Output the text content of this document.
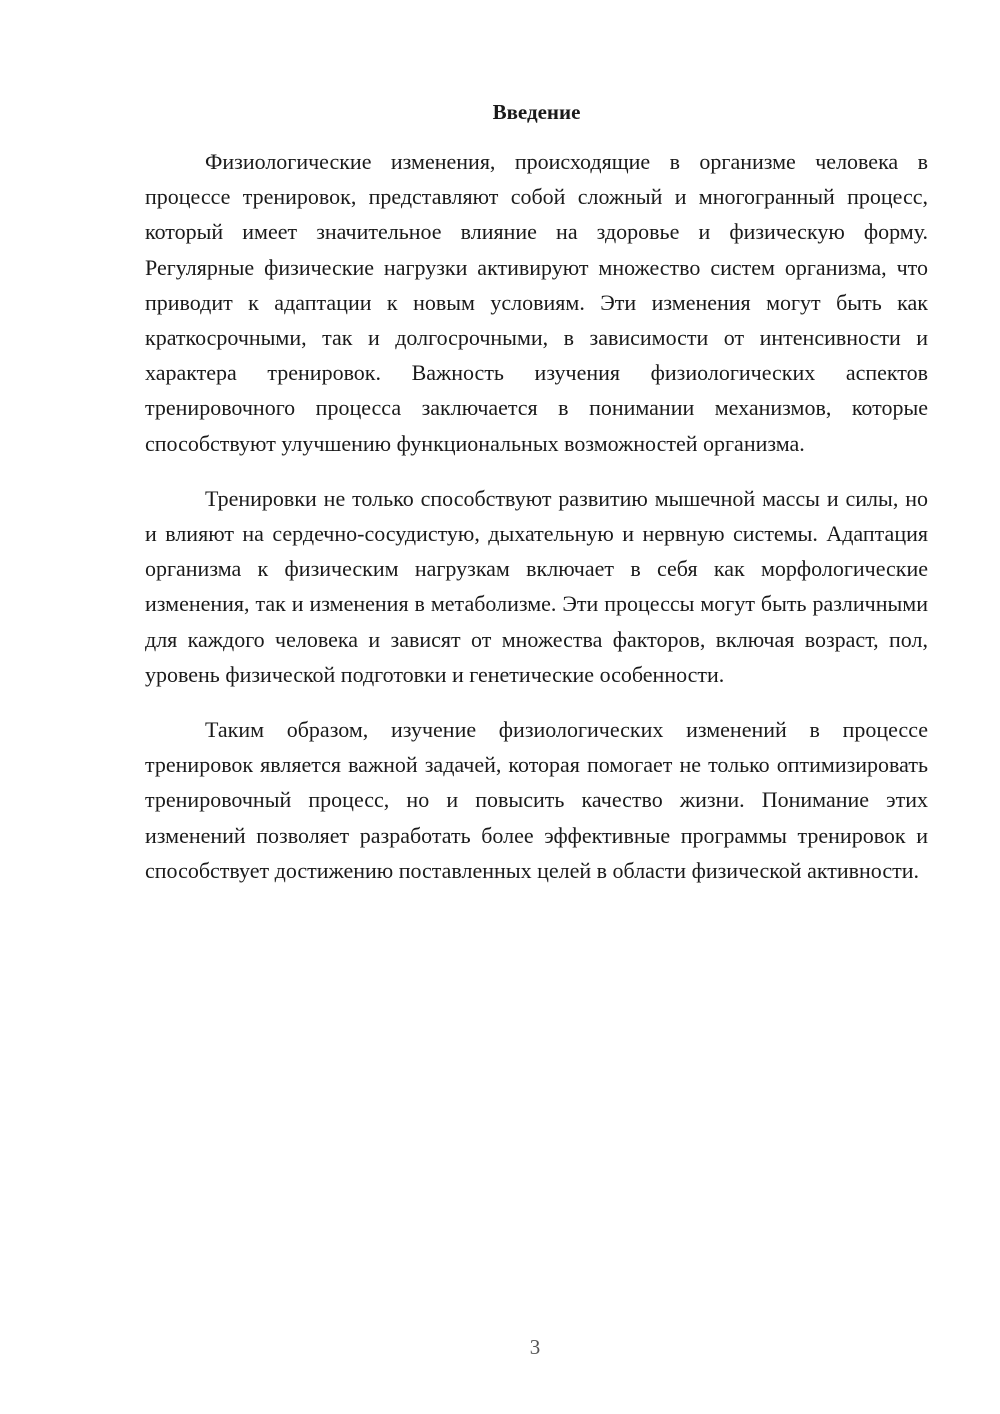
Введение

Физиологические изменения, происходящие в организме человека в процессе тренировок, представляют собой сложный и многогранный процесс, который имеет значительное влияние на здоровье и физическую форму. Регулярные физические нагрузки активируют множество систем организма, что приводит к адаптации к новым условиям. Эти изменения могут быть как краткосрочными, так и долгосрочными, в зависимости от интенсивности и характера тренировок. Важность изучения физиологических аспектов тренировочного процесса заключается в понимании механизмов, которые способствуют улучшению функциональных возможностей организма.

Тренировки не только способствуют развитию мышечной массы и силы, но и влияют на сердечно-сосудистую, дыхательную и нервную системы. Адаптация организма к физическим нагрузкам включает в себя как морфологические изменения, так и изменения в метаболизме. Эти процессы могут быть различными для каждого человека и зависят от множества факторов, включая возраст, пол, уровень физической подготовки и генетические особенности.

Таким образом, изучение физиологических изменений в процессе тренировок является важной задачей, которая помогает не только оптимизировать тренировочный процесс, но и повысить качество жизни. Понимание этих изменений позволяет разработать более эффективные программы тренировок и способствует достижению поставленных целей в области физической активности.

3
